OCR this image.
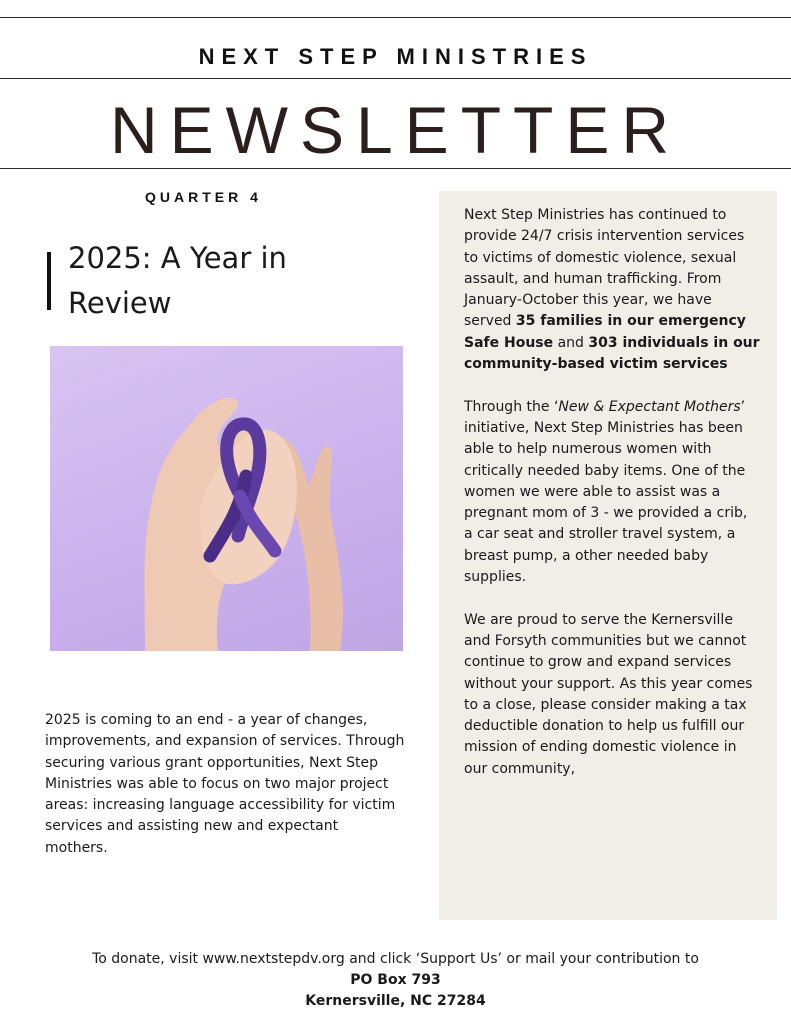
NEXT STEP MINISTRIES
NEWSLETTER
QUARTER 4
2025: A Year in
Review
2025 is coming to an end - a year of changes, improvements, and expansion of services. Through securing various grant opportunities, Next Step Ministries was able to focus on two major project areas: increasing language accessibility for victim services and assisting new and expectant mothers.

Next Step Ministries has continued to provide 24/7 crisis intervention services to victims of domestic violence, sexual assault, and human trafficking. From January-October this year, we have served 35 families in our emergency Safe House and 303 individuals in our community-based victim services

Through the ‘New & Expectant Mothers’ initiative, Next Step Ministries has been able to help numerous women with critically needed baby items. One of the women we were able to assist was a pregnant mom of 3 - we provided a crib, a car seat and stroller travel system, a breast pump, a other needed baby supplies.

We are proud to serve the Kernersville and Forsyth communities but we cannot continue to grow and expand services without your support. As this year comes to a close, please consider making a tax deductible donation to help us fulfill our mission of ending domestic violence in our community,

To donate, visit www.nextstepdv.org and click ‘Support Us’ or mail your contribution to
PO Box 793
Kernersville, NC 27284
